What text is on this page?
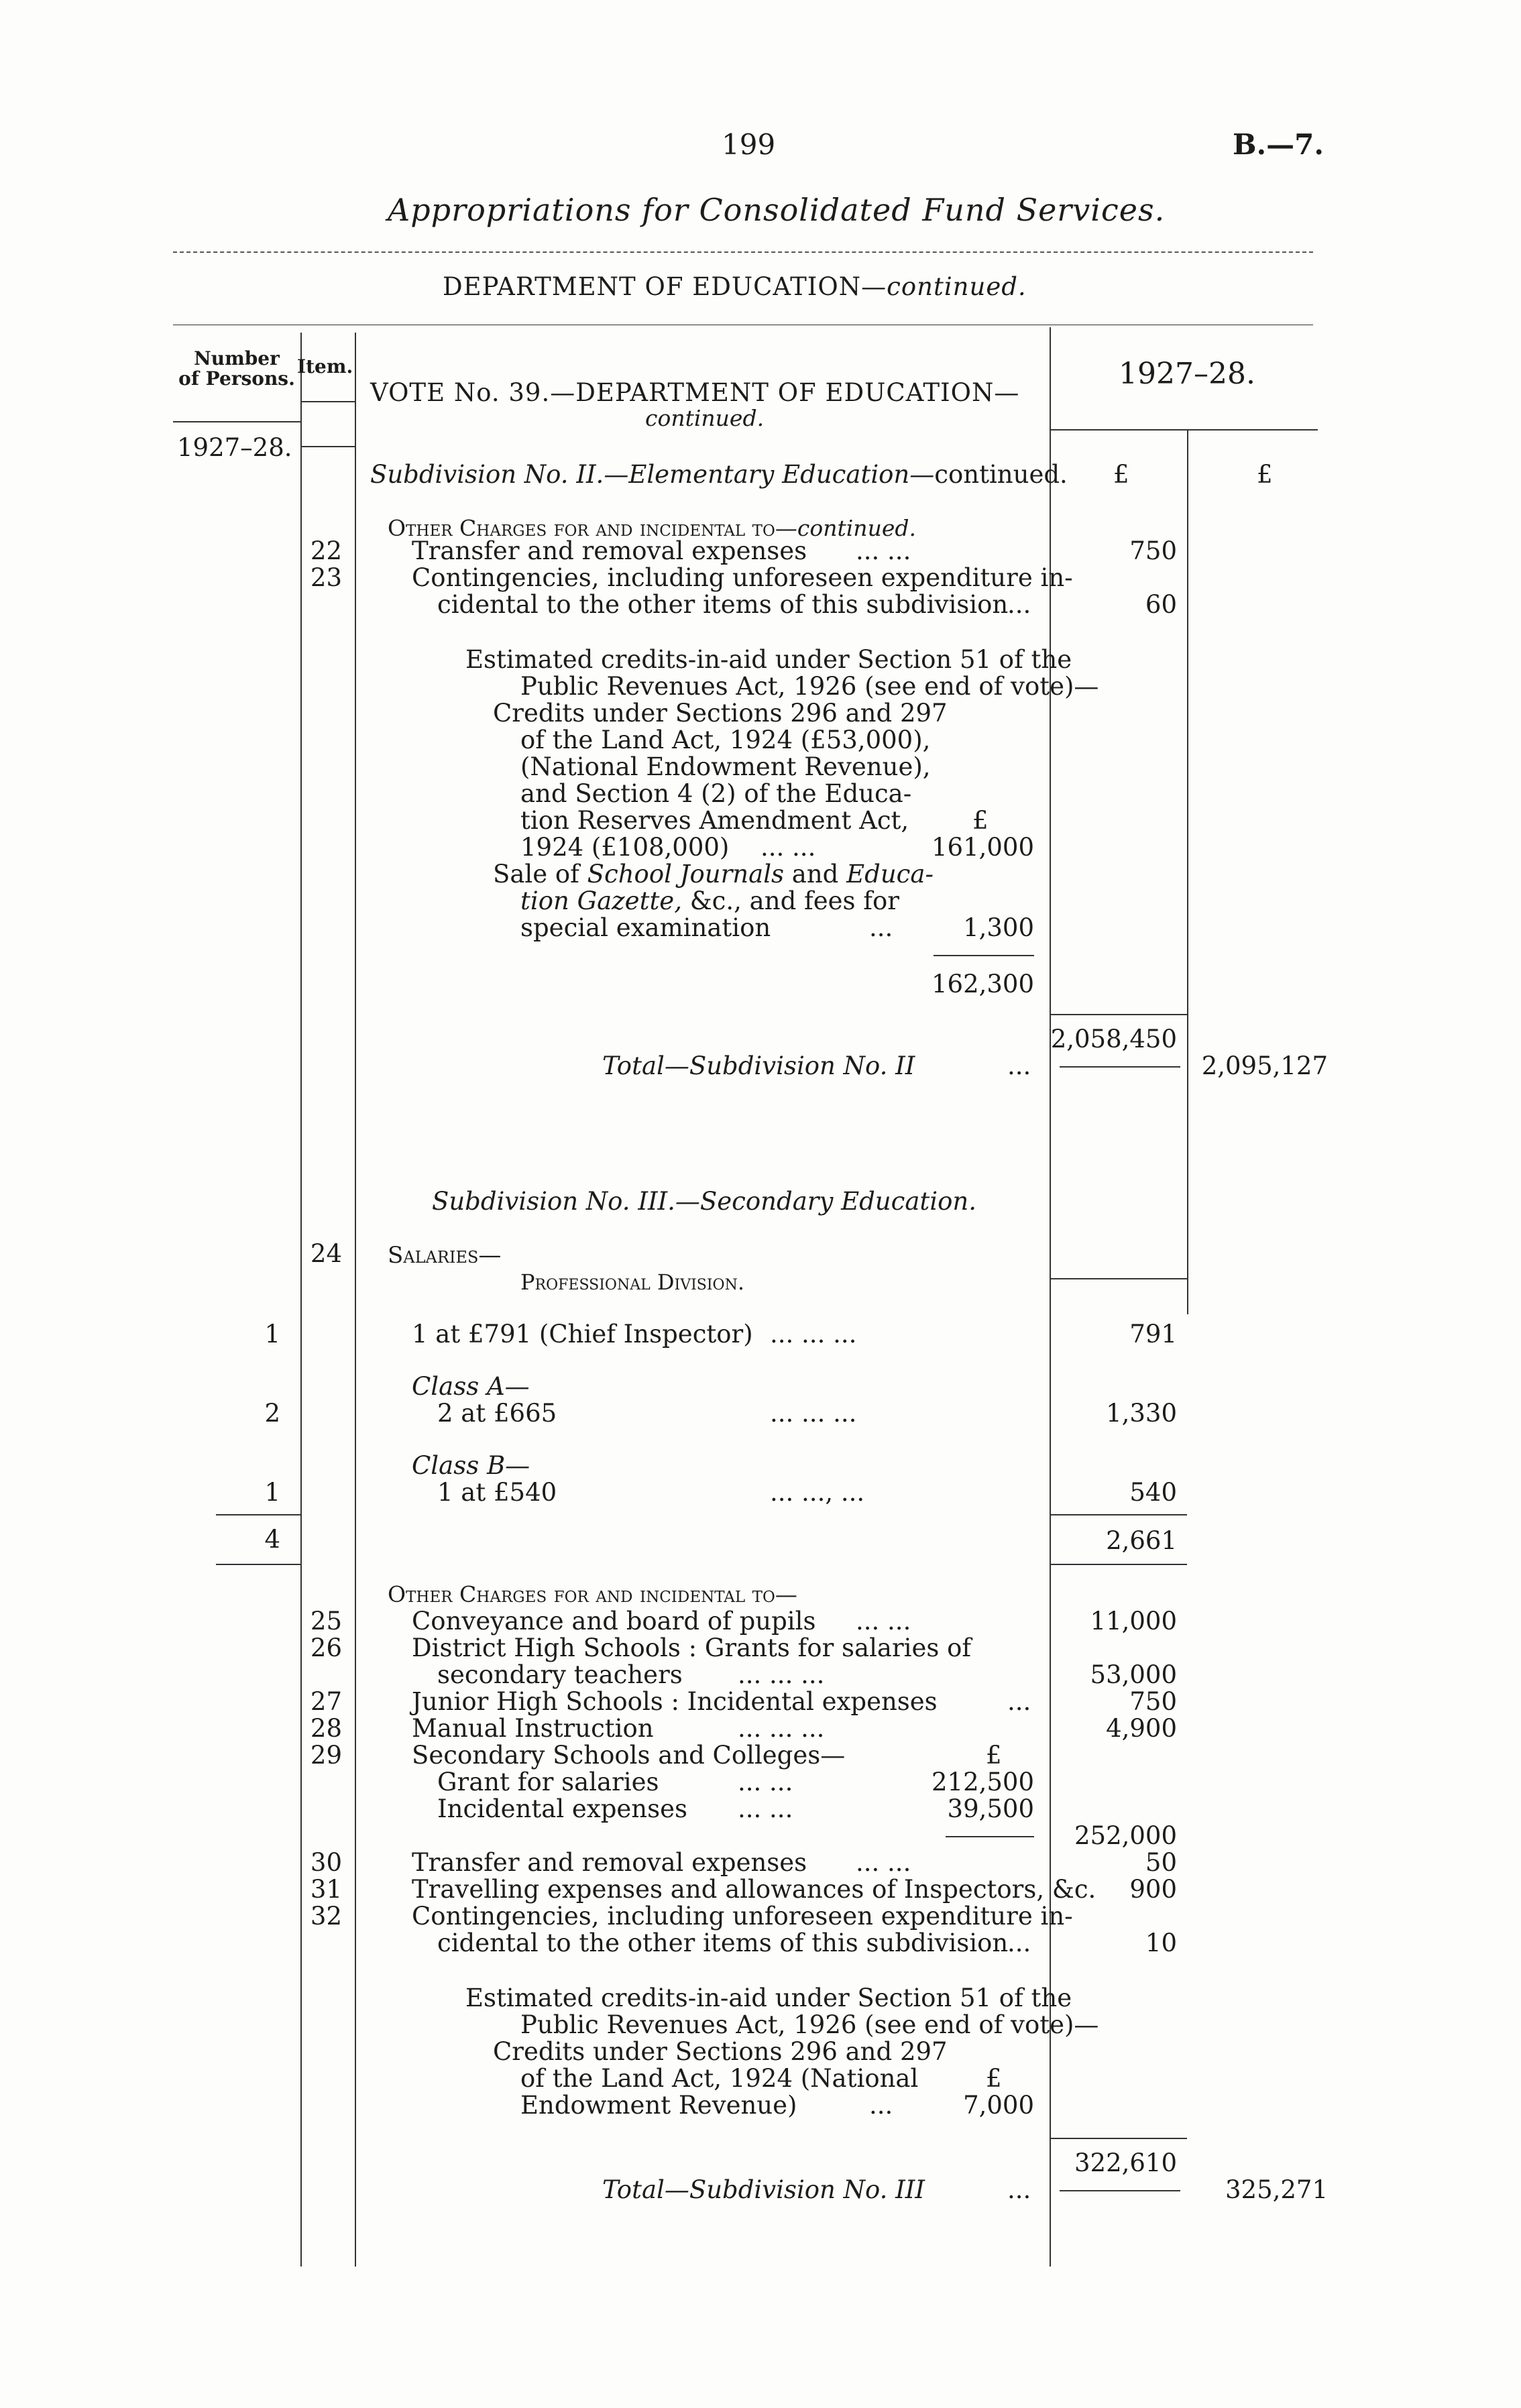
199	B.—7.
Appropriations for Consolidated Fund Services.
DEPARTMENT OF EDUCATION—continued.
Number
of Persons.
Item.
VOTE No. 39.—DEPARTMENT OF EDUCATION—
continued.
1927–28.
1927–28.
£	£
Subdivision No. II.—Elementary Education—continued.
Other Charges for and incidental to—continued.
22	Transfer and removal expenses ... ...	750
23	Contingencies, including unforeseen expenditure in-
cidental to the other items of this subdivision
...	60
Estimated credits-in-aid under Section 51 of the
Public Revenues Act, 1926 (see end of vote)—
Credits under Sections 296 and 297
of the Land Act, 1924 (£53,000),
(National Endowment Revenue),
and Section 4 (2) of the Educa-
tion Reserves Amendment Act,	£
1924 (£108,000) ... ...	161,000
Sale of School Journals and Educa-
tion Gazette, &c., and fees for
special examination	...	1,300
162,300
2,058,450
Total—Subdivision No. II	...	2,095,127
Subdivision No. III.—Secondary Education.
24 Salaries—
Professional Division.
1	1 at £791 (Chief Inspector) ... ... ...	791
Class A—
2	2 at £665	... ... ...	1,330
Class B—
1	1 at £540	... ..., ...	540
4	2,661
Other Charges for and incidental to—
25	Conveyance and board of pupils ... ...	11,000
26	District High Schools : Grants for salaries of
secondary teachers ... ... ...	53,000
27	Junior High Schools : Incidental expenses	...	750
28	Manual Instruction	... ... ...	4,900
29	Secondary Schools and Colleges—	£
Grant for salaries	... ...	212,500
Incidental expenses ... ...	39,500
252,000
30	Transfer and removal expenses ... ...	50
31	Travelling expenses and allowances of Inspectors, &c.	900
32	Contingencies, including unforeseen expenditure in-
cidental to the other items of this subdivision
...	10
Estimated credits-in-aid under Section 51 of the
Public Revenues Act, 1926 (see end of vote)—
Credits under Sections 296 and 297
of the Land Act, 1924 (National	£
Endowment Revenue)	...	7,000
322,610
Total—Subdivision No. III	...	325,271
